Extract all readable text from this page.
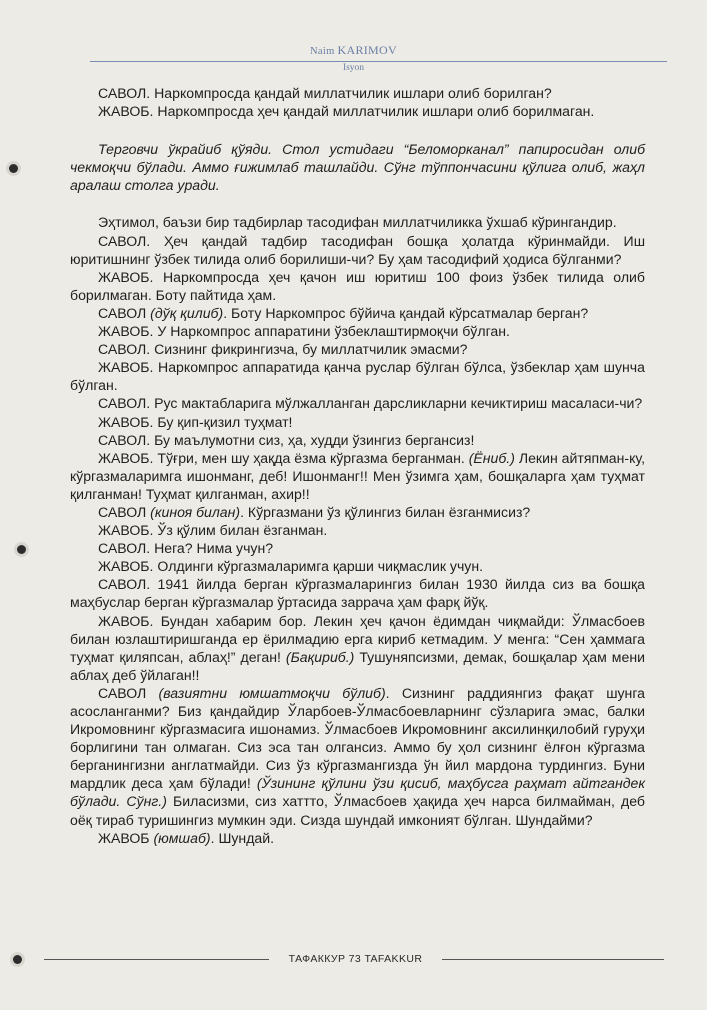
Naim KARIMOV
Isyon

САВОЛ. Наркомпросда қандай миллатчилик ишлари олиб борилган?

ЖАВОБ. Наркомпросда ҳеч қандай миллатчилик ишлари олиб борилмаган.

Терговчи ўкрайиб қўяди. Стол устидаги “Беломорканал” папиросидан олиб чекмоқчи бўлади. Аммо ғижимлаб ташлайди. Сўнг тўппончасини қўлига олиб, жаҳл аралаш столга уради.

Эҳтимол, баъзи бир тадбирлар тасодифан миллатчиликка ўхшаб кўрингандир.

САВОЛ. Ҳеч қандай тадбир тасодифан бошқа ҳолатда кўринмайди. Иш юритишнинг ўзбек тилида олиб борилиши-чи? Бу ҳам тасодифий ҳодиса бўлганми?

ЖАВОБ. Наркомпросда ҳеч қачон иш юритиш 100 фоиз ўзбек тилида олиб борилмаган. Боту пайтида ҳам.

САВОЛ (дўқ қилиб). Боту Наркомпрос бўйича қандай кўрсатмалар берган?

ЖАВОБ. У Наркомпрос аппаратини ўзбеклаштирмоқчи бўлган.

САВОЛ. Сизнинг фикрингизча, бу миллатчилик эмасми?

ЖАВОБ. Наркомпрос аппаратида қанча руслар бўлган бўлса, ўзбеклар ҳам шунча бўлган.

САВОЛ. Рус мактабларига мўлжалланган дарсликларни кечиктириш масаласи-чи?

ЖАВОБ. Бу қип-қизил туҳмат!

САВОЛ. Бу маълумотни сиз, ҳа, худди ўзингиз бергансиз!

ЖАВОБ. Тўғри, мен шу ҳақда ёзма кўргазма берганман. (Ёниб.) Лекин айтяпман-ку, кўргазмаларимга ишонманг, деб! Ишонманг!! Мен ўзимга ҳам, бошқаларга ҳам туҳмат қилганман! Туҳмат қилганман, ахир!!

САВОЛ (киноя билан). Кўргазмани ўз қўлингиз билан ёзганмисиз?

ЖАВОБ. Ўз қўлим билан ёзганман.

САВОЛ. Нега? Нима учун?

ЖАВОБ. Олдинги кўргазмаларимга қарши чиқмаслик учун.

САВОЛ. 1941 йилда берган кўргазмаларингиз билан 1930 йилда сиз ва бошқа маҳбуслар берган кўргазмалар ўртасида заррача ҳам фарқ йўқ.

ЖАВОБ. Бундан хабарим бор. Лекин ҳеч қачон ёдимдан чиқмайди: Ўлмасбоев билан юзлаштиришганда ер ёрилмадию ерга кириб кетмадим. У менга: “Сен ҳаммага туҳмат қиляпсан, аблаҳ!” деган! (Бақириб.) Тушуняпсизми, демак, бошқалар ҳам мени аблаҳ деб ўйлаган!!

САВОЛ (вазиятни юмшатмоқчи бўлиб). Сизнинг раддиянгиз фақат шунга асосланганми? Биз қандайдир Ўларбоев-Ўлмасбоевларнинг сўзларига эмас, балки Икромовнинг кўргазмасига ишонамиз. Ўлмасбоев Икромовнинг аксилинқилобий гуруҳи борлигини тан олмаган. Сиз эса тан олгансиз. Аммо бу ҳол сизнинг ёлғон кўргазма берганингизни англатмайди. Сиз ўз кўргазмангизда ўн йил мардона турдингиз. Буни мардлик деса ҳам бўлади! (Ўзининг қўлини ўзи қисиб, маҳбусга раҳмат айтгандек бўлади. Сўнг.) Биласизми, сиз хаттто, Ўлмасбоев ҳақида ҳеч нарса билмайман, деб оёқ тираб туришингиз мумкин эди. Сизда шундай имконият бўлган. Шундайми?

ЖАВОБ (юмшаб). Шундай.

ТАФАККУР 73 TAFAKKUR
